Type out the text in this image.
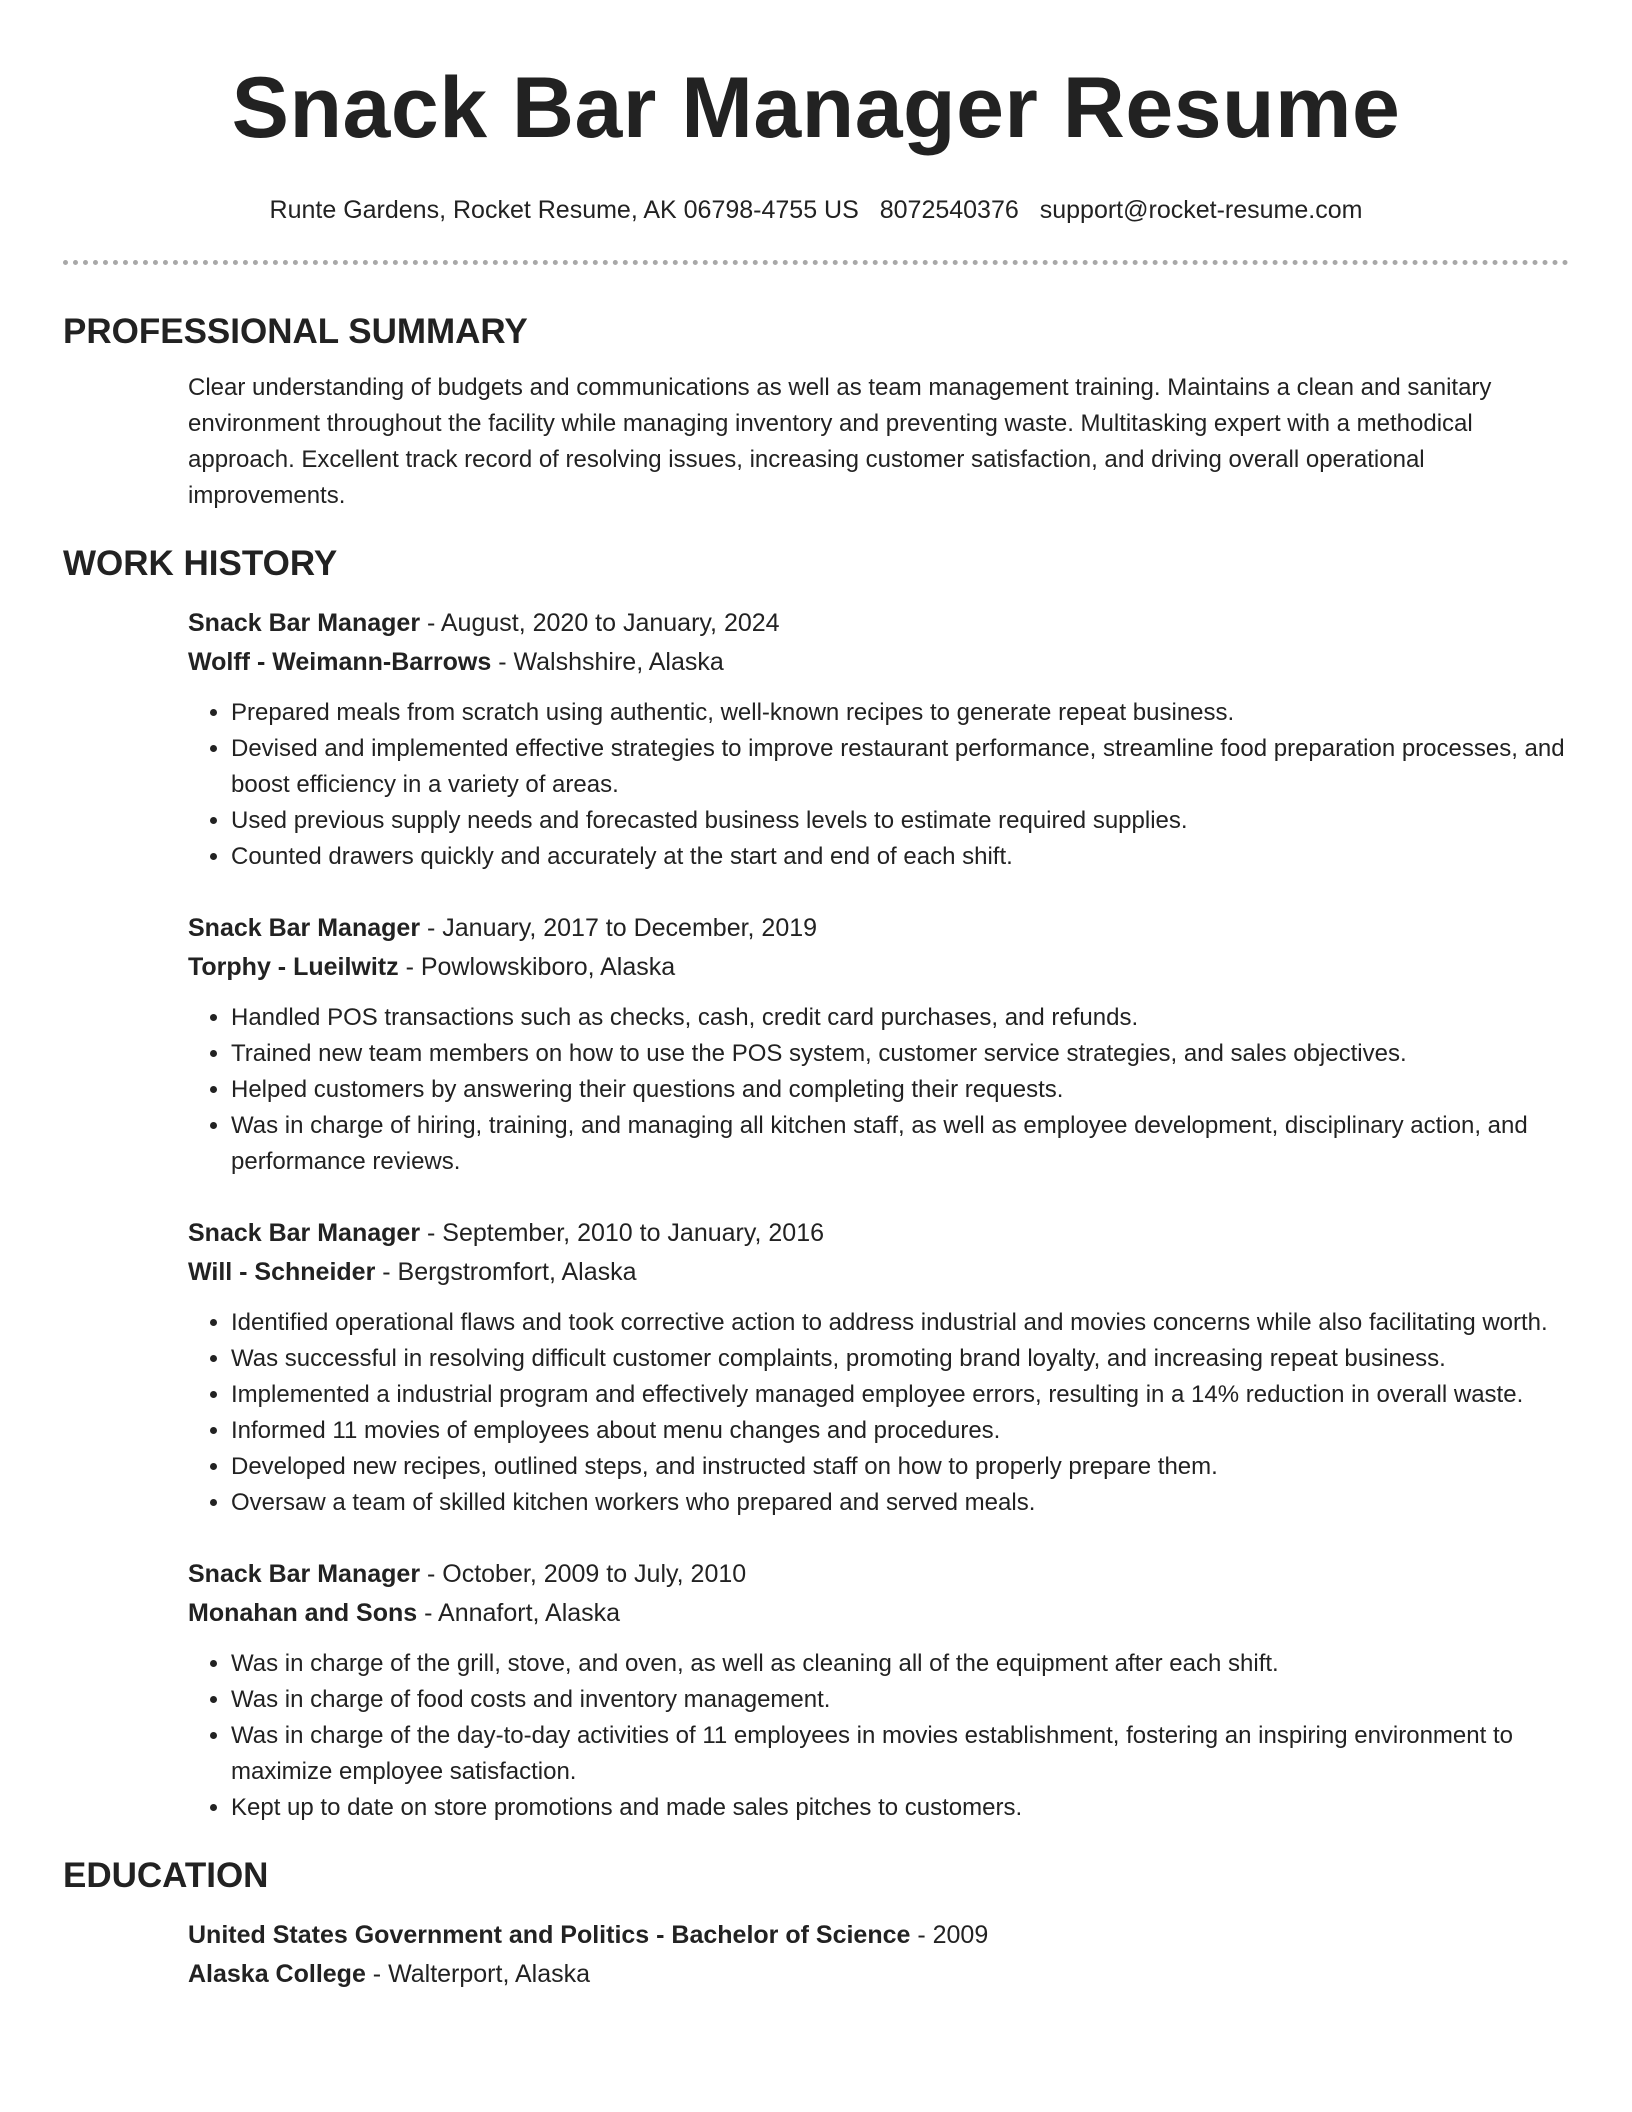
Snack Bar Manager Resume
Runte Gardens, Rocket Resume, AK 06798-4755 US 8072540376 support@rocket-resume.com
PROFESSIONAL SUMMARY
Clear understanding of budgets and communications as well as team management training. Maintains a clean and sanitary environment throughout the facility while managing inventory and preventing waste. Multitasking expert with a methodical approach. Excellent track record of resolving issues, increasing customer satisfaction, and driving overall operational improvements.
WORK HISTORY
Snack Bar Manager - August, 2020 to January, 2024
Wolff - Weimann-Barrows - Walshshire, Alaska
• Prepared meals from scratch using authentic, well-known recipes to generate repeat business.
• Devised and implemented effective strategies to improve restaurant performance, streamline food preparation processes, and boost efficiency in a variety of areas.
• Used previous supply needs and forecasted business levels to estimate required supplies.
• Counted drawers quickly and accurately at the start and end of each shift.
Snack Bar Manager - January, 2017 to December, 2019
Torphy - Lueilwitz - Powlowskiboro, Alaska
• Handled POS transactions such as checks, cash, credit card purchases, and refunds.
• Trained new team members on how to use the POS system, customer service strategies, and sales objectives.
• Helped customers by answering their questions and completing their requests.
• Was in charge of hiring, training, and managing all kitchen staff, as well as employee development, disciplinary action, and performance reviews.
Snack Bar Manager - September, 2010 to January, 2016
Will - Schneider - Bergstromfort, Alaska
• Identified operational flaws and took corrective action to address industrial and movies concerns while also facilitating worth.
• Was successful in resolving difficult customer complaints, promoting brand loyalty, and increasing repeat business.
• Implemented a industrial program and effectively managed employee errors, resulting in a 14% reduction in overall waste.
• Informed 11 movies of employees about menu changes and procedures.
• Developed new recipes, outlined steps, and instructed staff on how to properly prepare them.
• Oversaw a team of skilled kitchen workers who prepared and served meals.
Snack Bar Manager - October, 2009 to July, 2010
Monahan and Sons - Annafort, Alaska
• Was in charge of the grill, stove, and oven, as well as cleaning all of the equipment after each shift.
• Was in charge of food costs and inventory management.
• Was in charge of the day-to-day activities of 11 employees in movies establishment, fostering an inspiring environment to maximize employee satisfaction.
• Kept up to date on store promotions and made sales pitches to customers.
EDUCATION
United States Government and Politics - Bachelor of Science - 2009
Alaska College - Walterport, Alaska
